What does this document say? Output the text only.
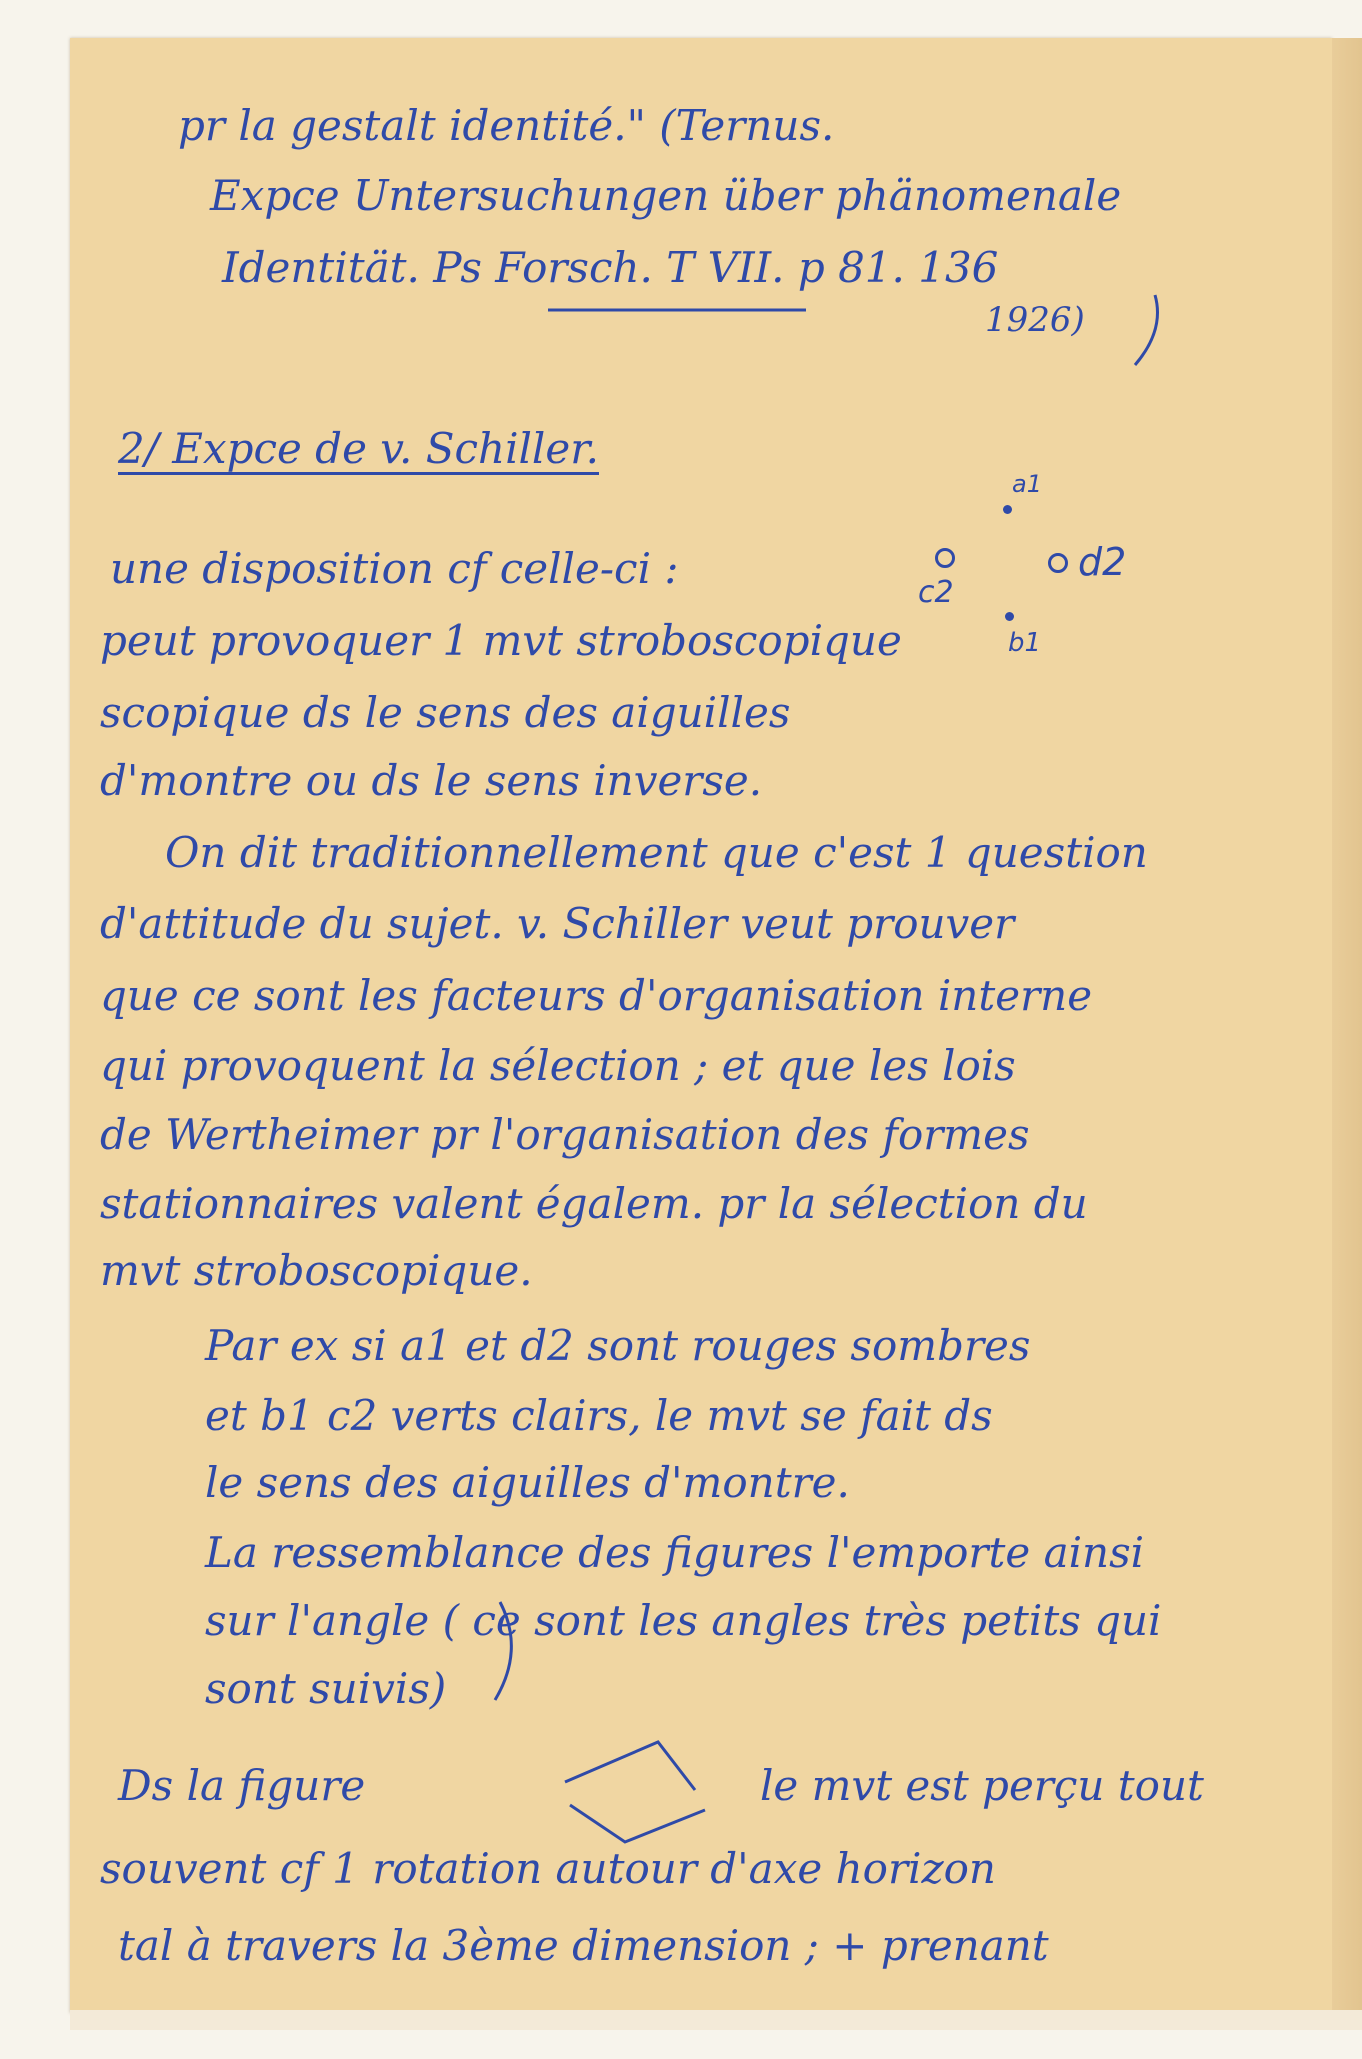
pr la gestalt identité." (Ternus.
Expce Untersuchungen über phänomenale
Identität. Ps Forsch. T VII. p 81. 136
1926)
2/ Expce de v. Schiller.
une disposition cf celle-ci :
peut provoquer 1 mvt stroboscopique
scopique ds le sens des aiguilles
d'montre ou ds le sens inverse.
On dit traditionnellement que c'est 1 question
d'attitude du sujet. v. Schiller veut prouver
que ce sont les facteurs d'organisation interne
qui provoquent la sélection ; et que les lois
de Wertheimer pr l'organisation des formes
stationnaires valent égalem. pr la sélection du
mvt stroboscopique.
Par ex si a1 et d2 sont rouges sombres
et b1 c2 verts clairs, le mvt se fait ds
le sens des aiguilles d'montre.
La ressemblance des figures l'emporte ainsi
sur l'angle ( ce sont les angles très petits qui
sont suivis)
Ds la figure	le mvt est perçu tout
souvent cf 1 rotation autour d'axe horizon
tal à travers la 3ème dimension ; + prenant
a1
c2
d2
b1
